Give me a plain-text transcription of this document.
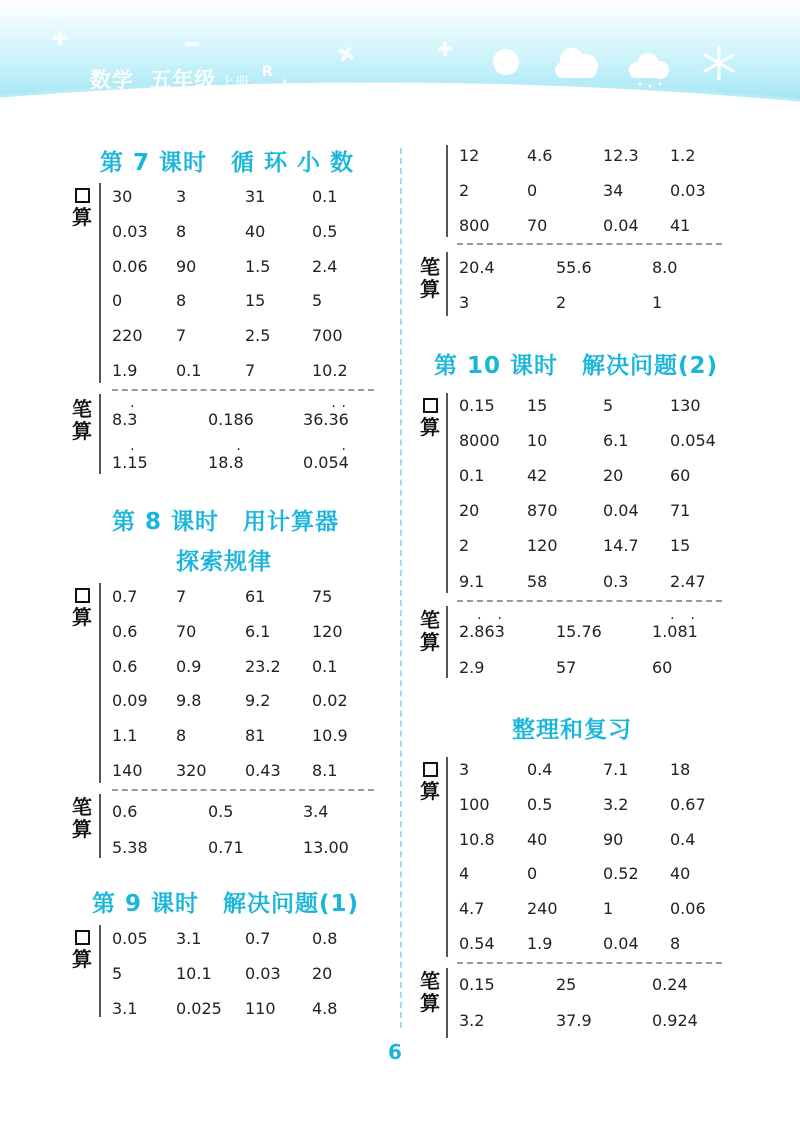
数学 五年级 上册
R
J
第 7 课时　循 环 小 数
算
30	3	31	0.1
0.03 8	40	0.5
0.06 90	1.5	2.4
0	8	15	5
220 7	2.5	700
1.9 0.1	7	10.2
笔
算 8.. 3	0.186	36.. 3. 6
1.. 15	18.. 8	0.05. 4
第 8 课时　用计算器
探索规律
算
0.7 7	61	75
0.6 70	6.1	120
0.6 0.9	23.2 0.1
0.09 9.8	9.2	0.02
1.1 8	81	10.9
140 320 0.43 8.1
笔
算
0.6	0.5	3.4
5.38	0.71	13.00
第 9 课时　解决问题(1)
算
0.05 3.1	0.7	0.8
5	10.1 0.03 20
3.1 0.025 110 4.8
12	4.6	12.3 1.2
2	0	34	0.03
800 70	0.04 41
笔
算
20.4	55.6	8.0
3	2	1
第 10 课时　解决问题(2)
算
0.15 15	5	130
8000 10	6.1	0.054
0.1	42	20	60
20	870	0.04 71
2	120	14.7 15
9.1	58	0.3	2.47
笔
算 2.. 86. 3	15.76	1.. 08. 1
2.9	57	60
整理和复习
算
3	0.4	7.1	18
100 0.5	3.2	0.67
10.8 40	90	0.4
4	0	0.52 40
4.7	240	1	0.06
0.54 1.9	0.04 8
笔
算
0.15	25	0.24
3.2	37.9	0.924
6
